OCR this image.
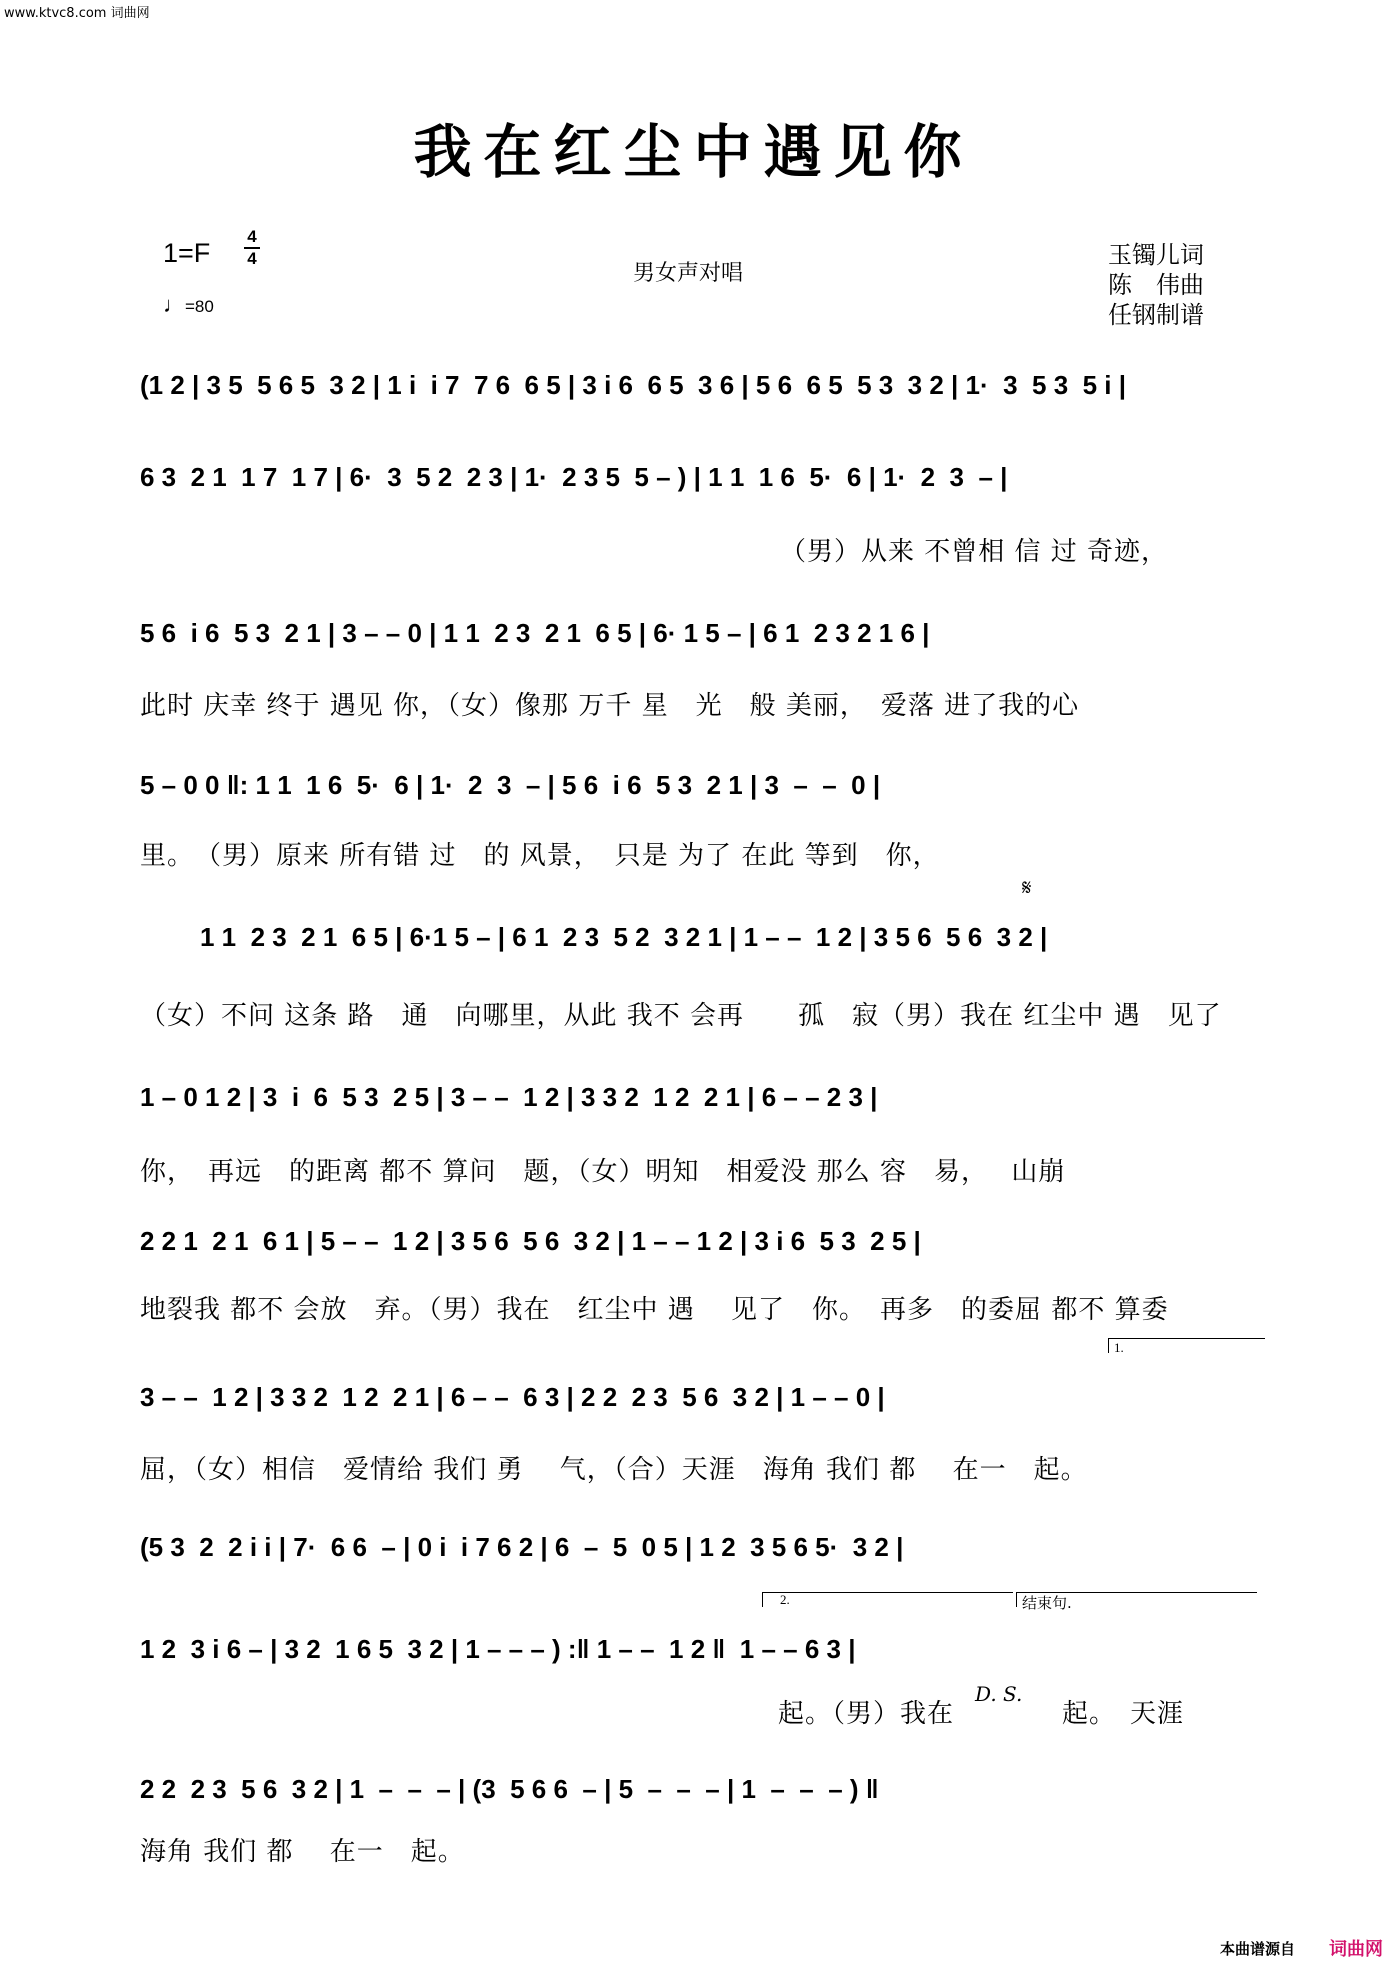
www.ktvc8.com 词曲网
我在红尘中遇见你
1=F
4
4
♩=80
男女声对唱
玉镯儿词
陈　伟曲
任钢制谱
(1 2 | 3 5  5 6 5  3 2 | 1 i  i 7  7 6  6 5 | 3 i 6  6 5  3 6 | 5 6  6 5  5 3  3 2 | 1·  3  5 3  5 i |
6 3  2 1  1 7  1 7 | 6·  3  5 2  2 3 | 1·  2 3 5  5 – ) | 1 1  1 6  5·  6 | 1·  2  3  – |
（男）从来 不曾相 信 过 奇迹，
5 6  i 6  5 3  2 1 | 3 – – 0 | 1 1  2 3  2 1  6 5 | 6· 1 5 – | 6 1  2 3 2 1 6 |
此时 庆幸 终于 遇见 你，（女）像那 万千 星　光　般 美丽，　爱落 进了我的心
5 – 0 0 ‖: 1 1  1 6  5·  6 | 1·  2  3  – | 5 6  i 6  5 3  2 1 | 3  –  –  0 |
里。　（男）原来 所有错 过　的 风景，　只是 为了 在此 等到　你，
𝄋
1 1  2 3  2 1  6 5 | 6·1 5 – | 6 1  2 3  5 2  3 2 1 | 1 – –  1 2 | 3 5 6  5 6  3 2 |
（女）不问 这条 路　通　向哪里，从此 我不 会再　　孤　寂（男）我在 红尘中 遇　见了
1 – 0 1 2 | 3  i  6  5 3  2 5 | 3 – –  1 2 | 3 3 2  1 2  2 1 | 6 – – 2 3 |
你，　再远　的距离 都不 算问　题，（女）明知　相爱没 那么 容　易，　 山崩
2 2 1  2 1  6 1 | 5 – –  1 2 | 3 5 6  5 6  3 2 | 1 – – 1 2 | 3 i 6  5 3  2 5 |
地裂我 都不 会放　弃。（男）我在　红尘中 遇　 见了　你。　再多　的委屈 都不 算委
1.
3 – –  1 2 | 3 3 2  1 2  2 1 | 6 – –  6 3 | 2 2  2 3  5 6  3 2 | 1 – – 0 |
屈，（女）相信　爱情给 我们 勇　 气，（合）天涯　海角 我们 都　 在一　起。
(5 3  2  2 i i | 7·  6 6  – | 0 i  i 7 6 2 | 6  –  5  0 5 | 1 2  3 5 6 5·  3 2 |
2.	结束句.
1 2  3 i 6 – | 3 2  1 6 5  3 2 | 1 – – – ) :‖ 1 – –  1 2 ‖  1 – – 6 3 |
D. S.
起。（男）我在　　　　起。　天涯
2 2  2 3  5 6  3 2 | 1  –  –  – | (3  5 6 6  – | 5  –  –  – | 1  –  –  – ) ‖
海角 我们 都　 在一　起。
本曲谱源自 词曲网
